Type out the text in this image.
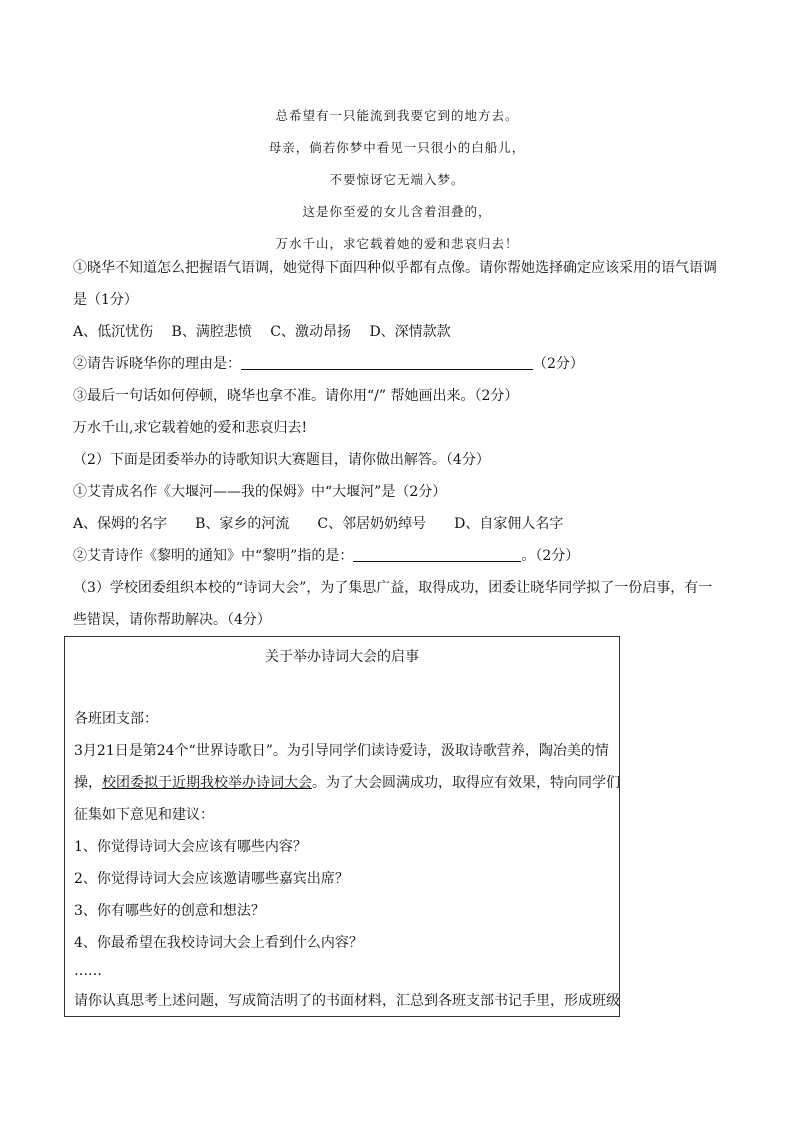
总希望有一只能流到我要它到的地方去。
母亲，倘若你梦中看见一只很小的白船儿，
不要惊讶它无端入梦。
这是你至爱的女儿含着泪叠的，
万水千山，求它载着她的爱和悲哀归去！
①晓华不知道怎么把握语气语调，她觉得下面四种似乎都有点像。请你帮她选择确定应该采用的语气语调
是（1分）
A、低沉忧伤　 B、满腔悲愤　 C、激动昂扬　 D、深情款款
②请告诉晓华你的理由是：	（2分）
③最后一句话如何停顿，晓华也拿不准。请你用“/” 帮她画出来。（2分）
万水千山,求它载着她的爱和悲哀归去!
（2）下面是团委举办的诗歌知识大赛题目，请你做出解答。（4分）
①艾青成名作《大堰河——我的保姆》中“大堰河”是（2分）
A、保姆的名字　　B、家乡的河流　　C、邻居奶奶绰号　　D、自家佣人名字
②艾青诗作《黎明的通知》中“黎明”指的是：	。（2分）
（3）学校团委组织本校的“诗词大会”，为了集思广益，取得成功，团委让晓华同学拟了一份启事，有一
些错误，请你帮助解决。（4分）
关于举办诗词大会的启事
各班团支部：
3月21日是第24个“世界诗歌日”。为引导同学们读诗爱诗，汲取诗歌营养，陶冶美的情
操，校团委拟于近期我校举办诗词大会。为了大会圆满成功，取得应有效果，特向同学们
征集如下意见和建议：
1、你觉得诗词大会应该有哪些内容？
2、你觉得诗词大会应该邀请哪些嘉宾出席？
3、你有哪些好的创意和想法？
4、你最希望在我校诗词大会上看到什么内容？
……
请你认真思考上述问题，写成简洁明了的书面材料，汇总到各班支部书记手里，形成班级
